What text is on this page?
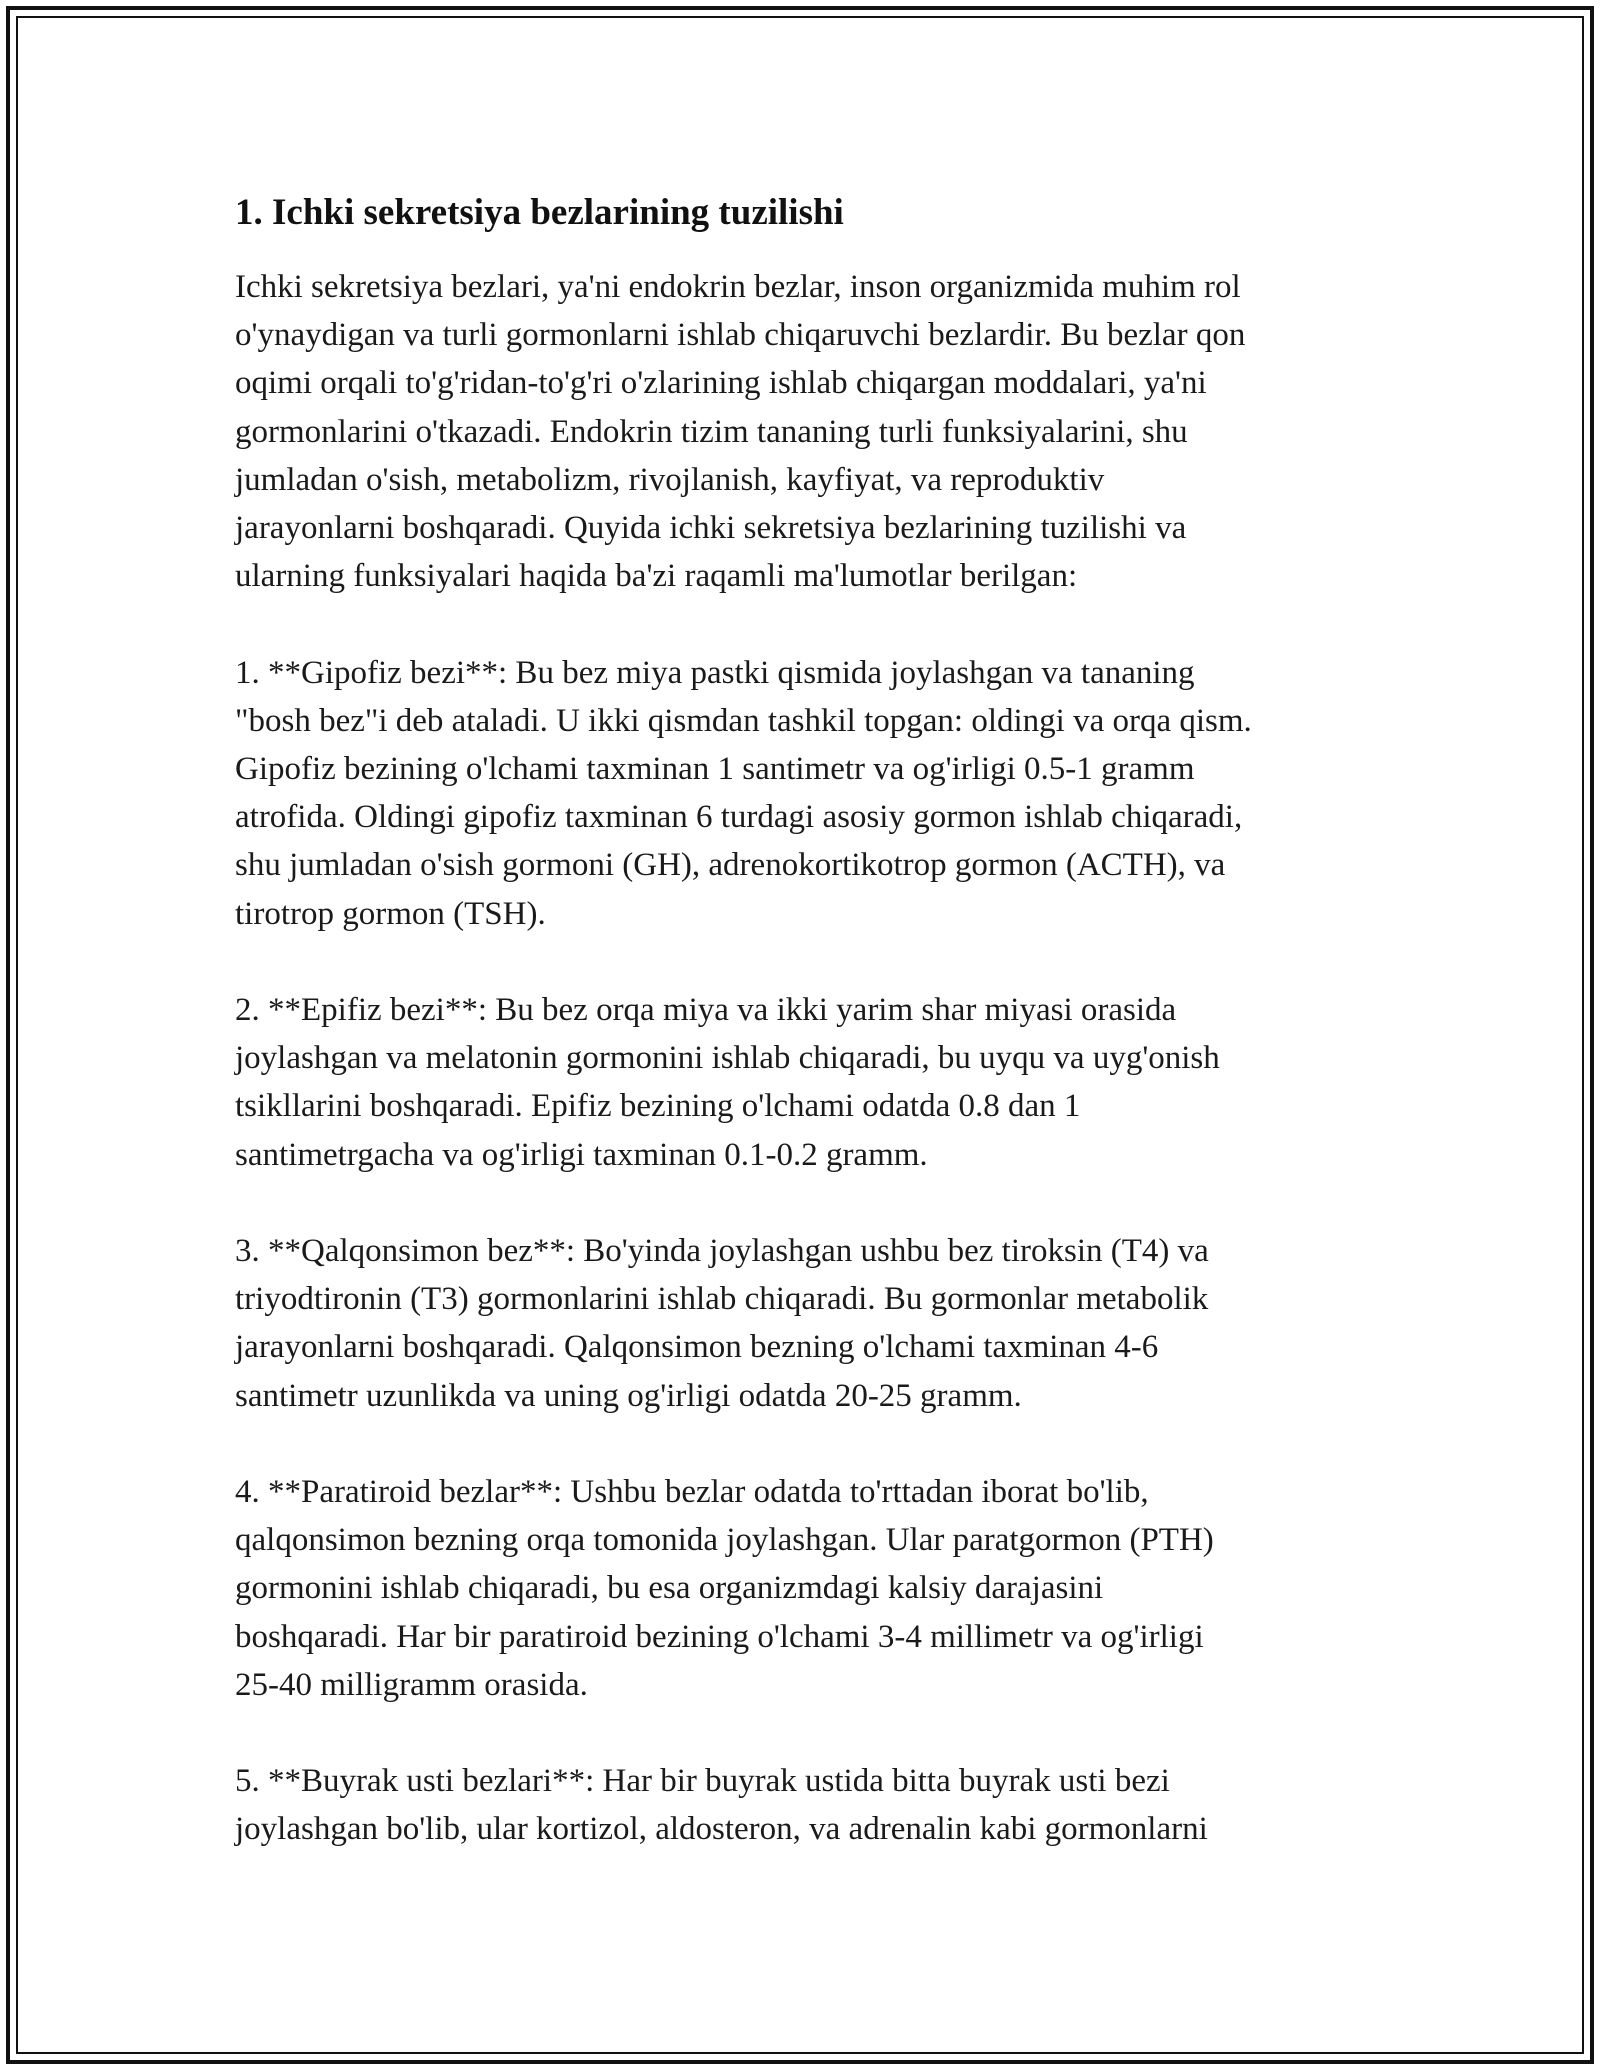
1. Ichki sekretsiya bezlarining tuzilishi

Ichki sekretsiya bezlari, ya'ni endokrin bezlar, inson organizmida muhim rol
o'ynaydigan va turli gormonlarni ishlab chiqaruvchi bezlardir. Bu bezlar qon
oqimi orqali to'g'ridan-to'g'ri o'zlarining ishlab chiqargan moddalari, ya'ni
gormonlarini o'tkazadi. Endokrin tizim tananing turli funksiyalarini, shu
jumladan o'sish, metabolizm, rivojlanish, kayfiyat, va reproduktiv
jarayonlarni boshqaradi. Quyida ichki sekretsiya bezlarining tuzilishi va
ularning funksiyalari haqida ba'zi raqamli ma'lumotlar berilgan:

1. **Gipofiz bezi**: Bu bez miya pastki qismida joylashgan va tananing
"bosh bez"i deb ataladi. U ikki qismdan tashkil topgan: oldingi va orqa qism.
Gipofiz bezining o'lchami taxminan 1 santimetr va og'irligi 0.5-1 gramm
atrofida. Oldingi gipofiz taxminan 6 turdagi asosiy gormon ishlab chiqaradi,
shu jumladan o'sish gormoni (GH), adrenokortikotrop gormon (ACTH), va
tirotrop gormon (TSH).

2. **Epifiz bezi**: Bu bez orqa miya va ikki yarim shar miyasi orasida
joylashgan va melatonin gormonini ishlab chiqaradi, bu uyqu va uyg'onish
tsikllarini boshqaradi. Epifiz bezining o'lchami odatda 0.8 dan 1
santimetrgacha va og'irligi taxminan 0.1-0.2 gramm.

3. **Qalqonsimon bez**: Bo'yinda joylashgan ushbu bez tiroksin (T4) va
triyodtironin (T3) gormonlarini ishlab chiqaradi. Bu gormonlar metabolik
jarayonlarni boshqaradi. Qalqonsimon bezning o'lchami taxminan 4-6
santimetr uzunlikda va uning og'irligi odatda 20-25 gramm.

4. **Paratiroid bezlar**: Ushbu bezlar odatda to'rttadan iborat bo'lib,
qalqonsimon bezning orqa tomonida joylashgan. Ular paratgormon (PTH)
gormonini ishlab chiqaradi, bu esa organizmdagi kalsiy darajasini
boshqaradi. Har bir paratiroid bezining o'lchami 3-4 millimetr va og'irligi
25-40 milligramm orasida.

5. **Buyrak usti bezlari**: Har bir buyrak ustida bitta buyrak usti bezi
joylashgan bo'lib, ular kortizol, aldosteron, va adrenalin kabi gormonlarni
